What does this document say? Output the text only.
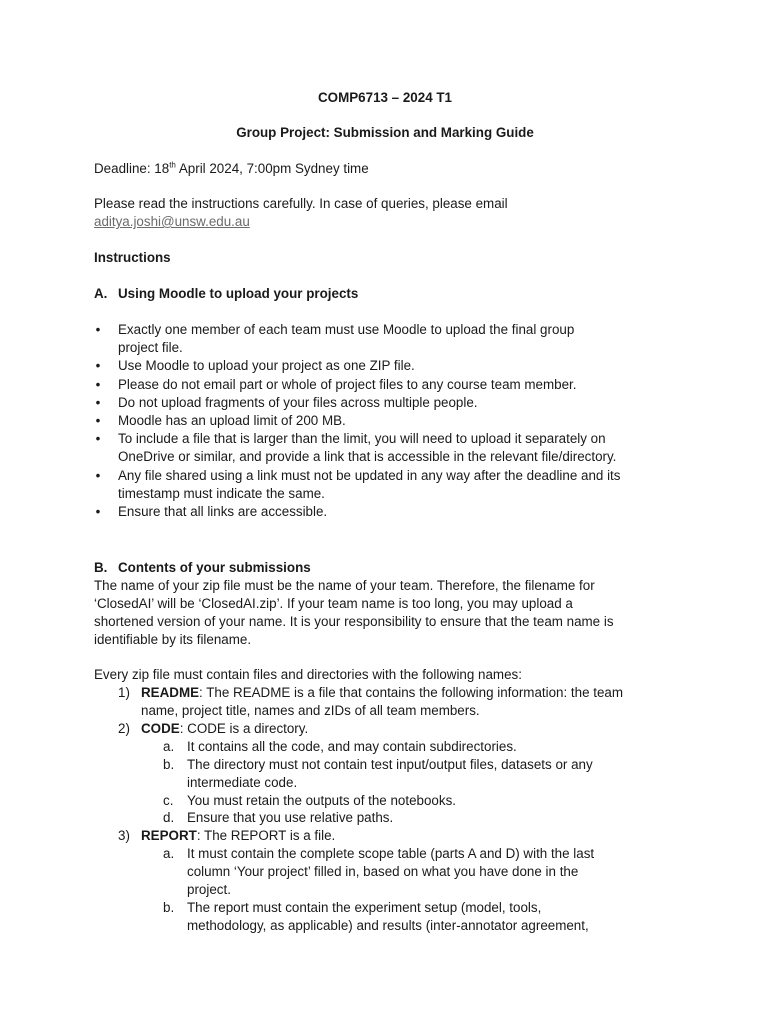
COMP6713 – 2024 T1
Group Project: Submission and Marking Guide
Deadline: 18th April 2024, 7:00pm Sydney time
Please read the instructions carefully. In case of queries, please email
aditya.joshi@unsw.edu.au
Instructions
A. Using Moodle to upload your projects
• Exactly one member of each team must use Moodle to upload the final group
project file.
• Use Moodle to upload your project as one ZIP file.
• Please do not email part or whole of project files to any course team member.
• Do not upload fragments of your files across multiple people.
• Moodle has an upload limit of 200 MB.
• To include a file that is larger than the limit, you will need to upload it separately on
OneDrive or similar, and provide a link that is accessible in the relevant file/directory.
• Any file shared using a link must not be updated in any way after the deadline and its
timestamp must indicate the same.
• Ensure that all links are accessible.
B. Contents of your submissions
The name of your zip file must be the name of your team. Therefore, the filename for
‘ClosedAI’ will be ‘ClosedAI.zip’. If your team name is too long, you may upload a
shortened version of your name. It is your responsibility to ensure that the team name is
identifiable by its filename.
Every zip file must contain files and directories with the following names:
1) README: The README is a file that contains the following information: the team
name, project title, names and zIDs of all team members.
2) CODE: CODE is a directory.
a. It contains all the code, and may contain subdirectories.
b. The directory must not contain test input/output files, datasets or any
intermediate code.
c. You must retain the outputs of the notebooks.
d. Ensure that you use relative paths.
3) REPORT: The REPORT is a file.
a. It must contain the complete scope table (parts A and D) with the last
column ‘Your project’ filled in, based on what you have done in the
project.
b. The report must contain the experiment setup (model, tools,
methodology, as applicable) and results (inter-annotator agreement,
